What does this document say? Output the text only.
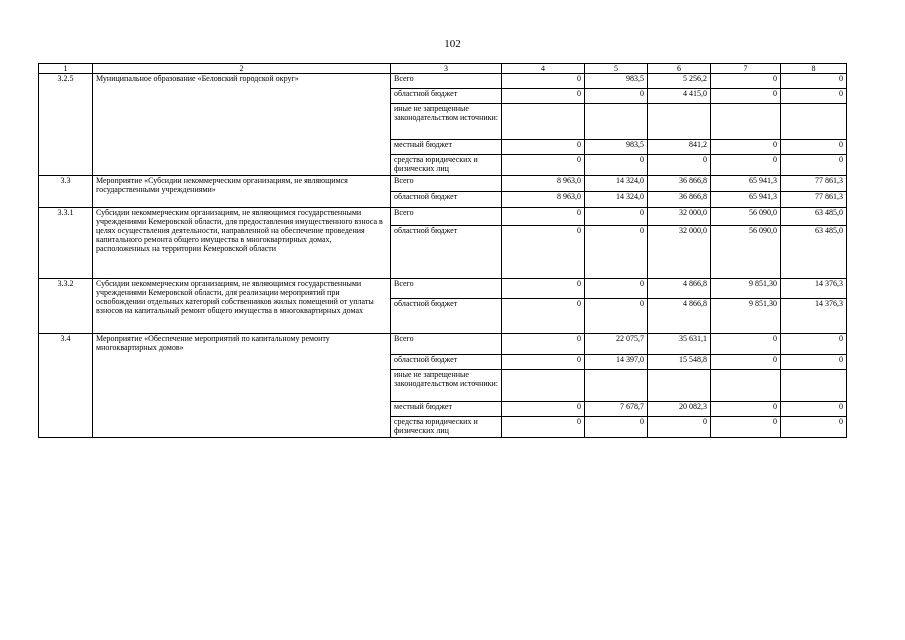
102
1	2	3	4	5	6	7	8
3.2.5	Муниципальное образование «Беловский городской округ»	Всего	0	983,5	5 256,2	0	0
		областной бюджет	0	0	4 415,0	0	0
		иные не запрещенные законодательством источники:					
		местный бюджет	0	983,5	841,2	0	0
		средства юридических и физических лиц	0	0	0	0	0
3.3	Мероприятие «Субсидии некоммерческим организациям, не являющимся государственными учреждениями»	Всего	8 963,0	14 324,0	36 866,8	65 941,3	77 861,3
		областной бюджет	8 963,0	14 324,0	36 866,8	65 941,3	77 861,3
3.3.1	Субсидии некоммерческим организациям, не являющимся государственными учреждениями Кемеровской области, для предоставления имущественного взноса в целях осуществления деятельности, направленной на обеспечение проведения капитального ремонта общего имущества в многоквартирных домах, расположенных на территории Кемеровской области	Всего	0	0	32 000,0	56 090,0	63 485,0
		областной бюджет	0	0	32 000,0	56 090,0	63 485,0
3.3.2	Субсидии некоммерческим организациям, не являющимся государственными учреждениями Кемеровской области, для реализации мероприятий при освобождении отдельных категорий собственников жилых помещений от уплаты взносов на капитальный ремонт общего имущества в многоквартирных домах	Всего	0	0	4 866,8	9 851,30	14 376,3
		областной бюджет	0	0	4 866,8	9 851,30	14 376,3
3.4	Мероприятие «Обеспечение мероприятий по капитальному ремонту многоквартирных домов»	Всего	0	22 075,7	35 631,1	0	0
		областной бюджет	0	14 397,0	15 548,8	0	0
		иные не запрещенные законодательством источники:					
		местный бюджет	0	7 678,7	20 082,3	0	0
		средства юридических и физических лиц	0	0	0	0	0
